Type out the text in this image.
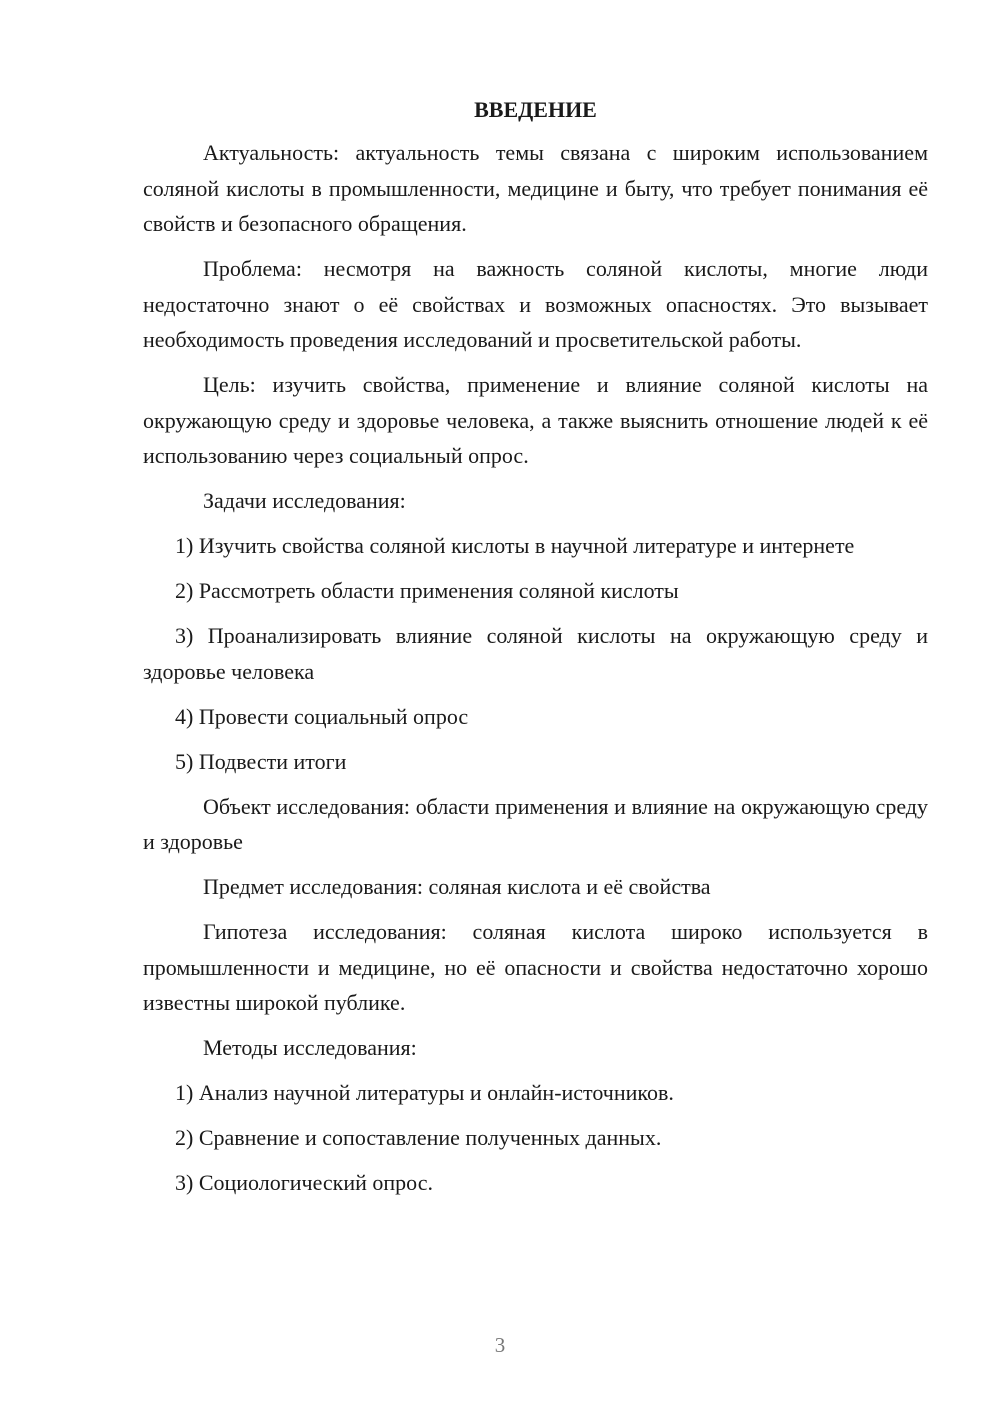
ВВЕДЕНИЕ
Актуальность: актуальность темы связана с широким использованием соляной кислоты в промышленности, медицине и быту, что требует понимания её свойств и безопасного обращения.
Проблема: несмотря на важность соляной кислоты, многие люди недостаточно знают о её свойствах и возможных опасностях. Это вызывает необходимость проведения исследований и просветительской работы.
Цель: изучить свойства, применение и влияние соляной кислоты на окружающую среду и здоровье человека, а также выяснить отношение людей к её использованию через социальный опрос.
Задачи исследования:
1) Изучить свойства соляной кислоты в научной литературе и интернете
2) Рассмотреть области применения соляной кислоты
3) Проанализировать влияние соляной кислоты на окружающую среду и здоровье человека
4) Провести социальный опрос
5) Подвести итоги
Объект исследования: области применения и влияние на окружающую среду и здоровье
Предмет исследования: соляная кислота и её свойства
Гипотеза исследования: соляная кислота широко используется в промышленности и медицине, но её опасности и свойства недостаточно хорошо известны широкой публике.
Методы исследования:
1) Анализ научной литературы и онлайн-источников.
2) Сравнение и сопоставление полученных данных.
3) Социологический опрос.
3
